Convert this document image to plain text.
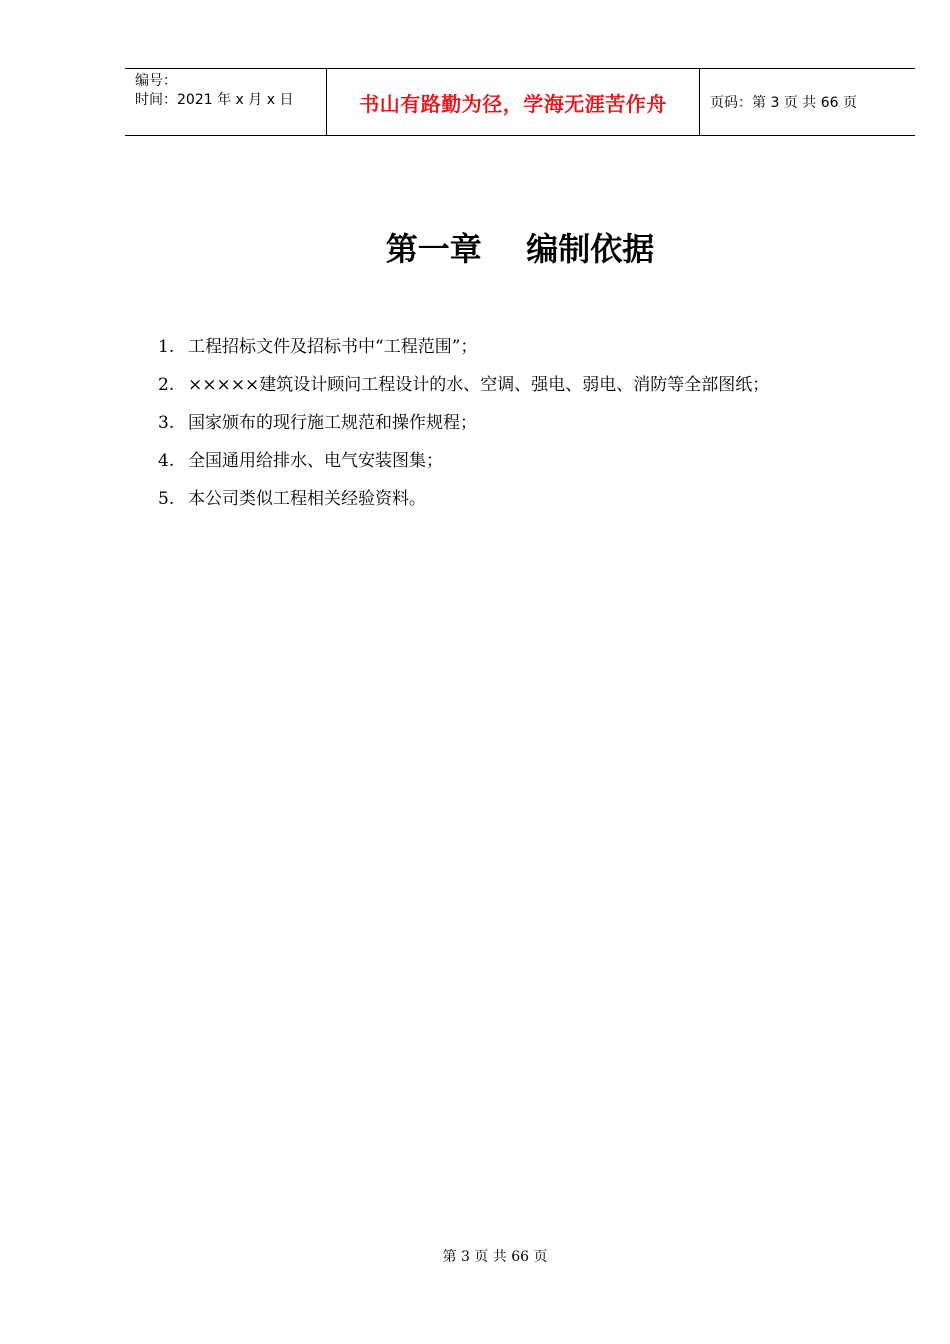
编号：
时间：2021 年 x 月 x 日	书山有路勤为径，学海无涯苦作舟	页码：第 3 页 共 66 页
第一章    编制依据
1. 工程招标文件及招标书中“工程范围”；
2. ×××××建筑设计顾问工程设计的水、空调、强电、弱电、消防等全部图纸；
3. 国家颁布的现行施工规范和操作规程；
4. 全国通用给排水、电气安装图集；
5. 本公司类似工程相关经验资料。
第 3 页 共 66 页
